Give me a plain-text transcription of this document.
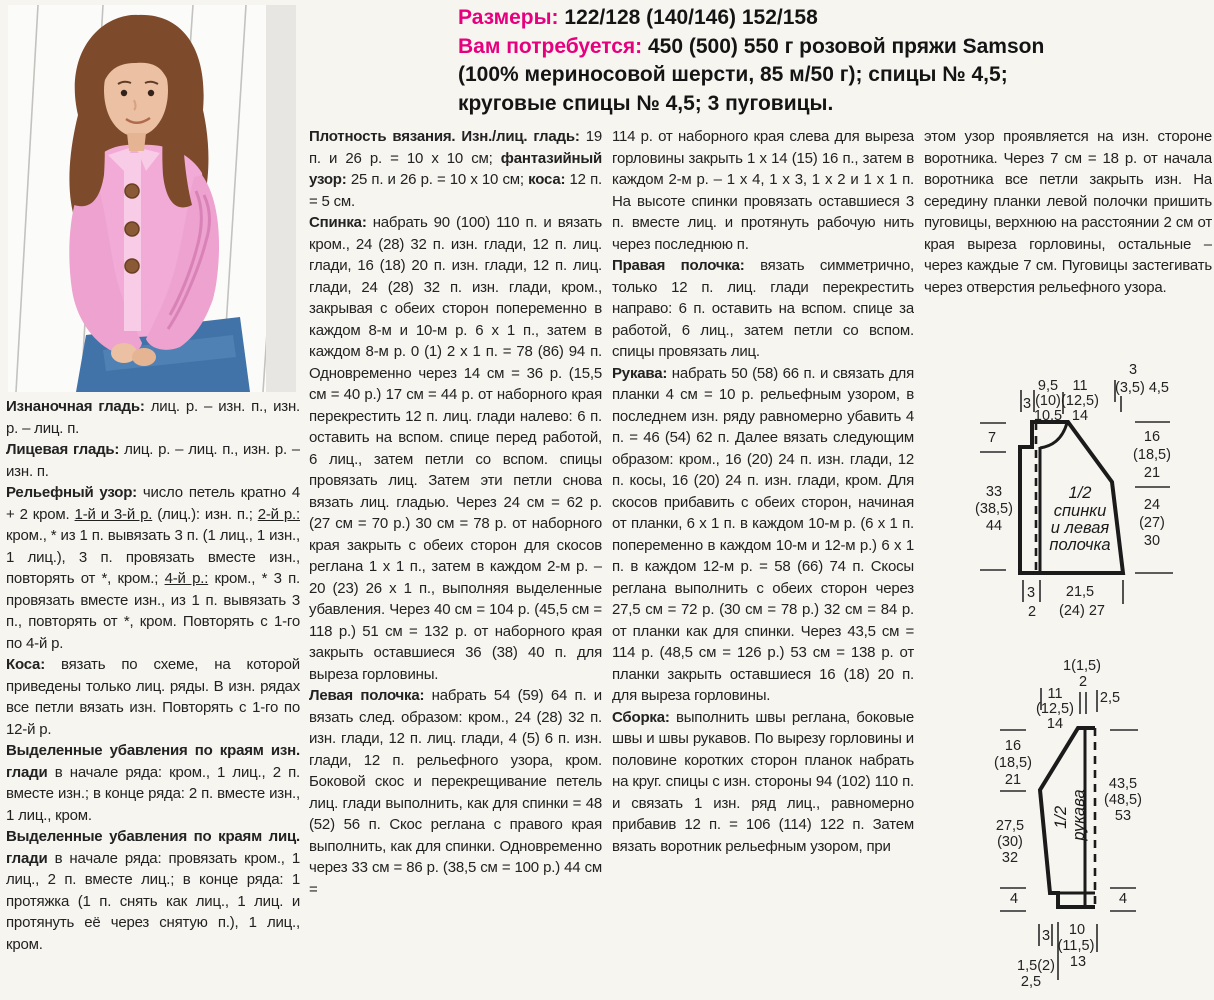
Размеры: 122/128 (140/146) 152/158
Вам потребуется: 450 (500) 550 г розовой пряжи Samson (100% мериносовой шерсти, 85 м/50 г); спицы № 4,5; круговые спицы № 4,5; 3 пуговицы.

Изнаночная гладь: лиц. р. – изн. п., изн. р. – лиц. п.

Лицевая гладь: лиц. р. – лиц. п., изн. р. – изн. п.

Рельефный узор: число петель кратно 4 + 2 кром. 1-й и 3-й р. (лиц.): изн. п.; 2-й р.: кром., * из 1 п. вывязать 3 п. (1 лиц., 1 изн., 1 лиц.), 3 п. провязать вместе изн., повторять от *, кром.; 4-й р.: кром., * 3 п. провязать вместе изн., из 1 п. вывязать 3 п., повторять от *, кром. Повторять с 1-го по 4-й р.

Коса: вязать по схеме, на которой приведены только лиц. ряды. В изн. рядах все петли вязать изн. Повторять с 1-го по 12-й р.

Выделенные убавления по краям изн. глади в начале ряда: кром., 1 лиц., 2 п. вместе изн.; в конце ряда: 2 п. вместе изн., 1 лиц., кром.

Выделенные убавления по краям лиц. глади в начале ряда: провязать кром., 1 лиц., 2 п. вместе лиц.; в конце ряда: 1 протяжка (1 п. снять как лиц., 1 лиц. и протянуть её через снятую п.), 1 лиц., кром.

Плотность вязания. Изн./лиц. гладь: 19 п. и 26 р. = 10 х 10 см; фантазийный узор: 25 п. и 26 р. = 10 х 10 см; коса: 12 п. = 5 см.

Спинка: набрать 90 (100) 110 п. и вязать кром., 24 (28) 32 п. изн. глади, 12 п. лиц. глади, 16 (18) 20 п. изн. глади, 12 п. лиц. глади, 24 (28) 32 п. изн. глади, кром., закрывая с обеих сторон попеременно в каждом 8-м и 10-м р. 6 х 1 п., затем в каждом 8-м р. 0 (1) 2 х 1 п. = 78 (86) 94 п. Одновременно через 14 см = 36 р. (15,5 см = 40 р.) 17 см = 44 р. от наборного края перекрестить 12 п. лиц. глади налево: 6 п. оставить на вспом. спице перед работой, 6 лиц., затем петли со вспом. спицы провязать лиц. Затем эти петли снова вязать лиц. гладью. Через 24 см = 62 р. (27 см = 70 р.) 30 см = 78 р. от наборного края закрыть с обеих сторон для скосов реглана 1 х 1 п., затем в каждом 2-м р. – 20 (23) 26 х 1 п., выполняя выделенные убавления. Через 40 см = 104 р. (45,5 см = 118 р.) 51 см = 132 р. от наборного края закрыть оставшиеся 36 (38) 40 п. для выреза горловины.

Левая полочка: набрать 54 (59) 64 п. и вязать след. образом: кром., 24 (28) 32 п. изн. глади, 12 п. лиц. глади, 4 (5) 6 п. изн. глади, 12 п. рельефного узора, кром. Боковой скос и перекрещивание петель лиц. глади выполнить, как для спинки = 48 (52) 56 п. Скос реглана с правого края выполнить, как для спинки. Одновременно через 33 см = 86 р. (38,5 см = 100 р.) 44 см =

114 р. от наборного края слева для выреза горловины закрыть 1 х 14 (15) 16 п., затем в каждом 2-м р. – 1 х 4, 1 х 3, 1 х 2 и 1 х 1 п. На высоте спинки провязать оставшиеся 3 п. вместе лиц. и протянуть рабочую нить через последнюю п.

Правая полочка: вязать симметрично, только 12 п. лиц. глади перекрестить направо: 6 п. оставить на вспом. спице за работой, 6 лиц., затем петли со вспом. спицы провязать лиц.

Рукава: набрать 50 (58) 66 п. и связать для планки 4 см = 10 р. рельефным узором, в последнем изн. ряду равномерно убавить 4 п. = 46 (54) 62 п. Далее вязать следующим образом: кром., 16 (20) 24 п. изн. глади, 12 п. косы, 16 (20) 24 п. изн. глади, кром. Для скосов прибавить с обеих сторон, начиная от планки, 6 х 1 п. в каждом 10-м р. (6 х 1 п. попеременно в каждом 10-м и 12-м р.) 6 х 1 п. в каждом 12-м р. = 58 (66) 74 п. Скосы реглана выполнить с обеих сторон через 27,5 см = 72 р. (30 см = 78 р.) 32 см = 84 р. от планки как для спинки. Через 43,5 см = 114 р. (48,5 см = 126 р.) 53 см = 138 р. от планки закрыть оставшиеся 16 (18) 20 п. для выреза горловины.

Сборка: выполнить швы реглана, боковые швы и швы рукавов. По вырезу горловины и половине коротких сторон планок набрать на круг. спицы с изн. стороны 94 (102) 110 п. и связать 1 изн. ряд лиц., равномерно прибавив 12 п. = 106 (114) 122 п. Затем вязать воротник рельефным узором, при

этом узор проявляется на изн. стороне воротника. Через 7 см = 18 р. от начала воротника все петли закрыть изн. На середину планки левой полочки пришить пуговицы, верхнюю на расстоянии 2 см от края выреза горловины, остальные – через каждые 7 см. Пуговицы застегивать через отверстия рельефного узора.

3
9,5
(10)
10,5
11
(12,5)
14
3
(3,5) 4,5
7
33
(38,5)
44
16
(18,5)
21
24
(27)
30
3
2
21,5
(24) 27
1/2
спинки
и левая
полочка
1(1,5)
2
11
(12,5)
14
2,5
16
(18,5)
21
27,5
(30)
32
43,5
(48,5)
53
4	4
3 10
(11,5)
13
1,5(2)
2,5
1/2 рукава
